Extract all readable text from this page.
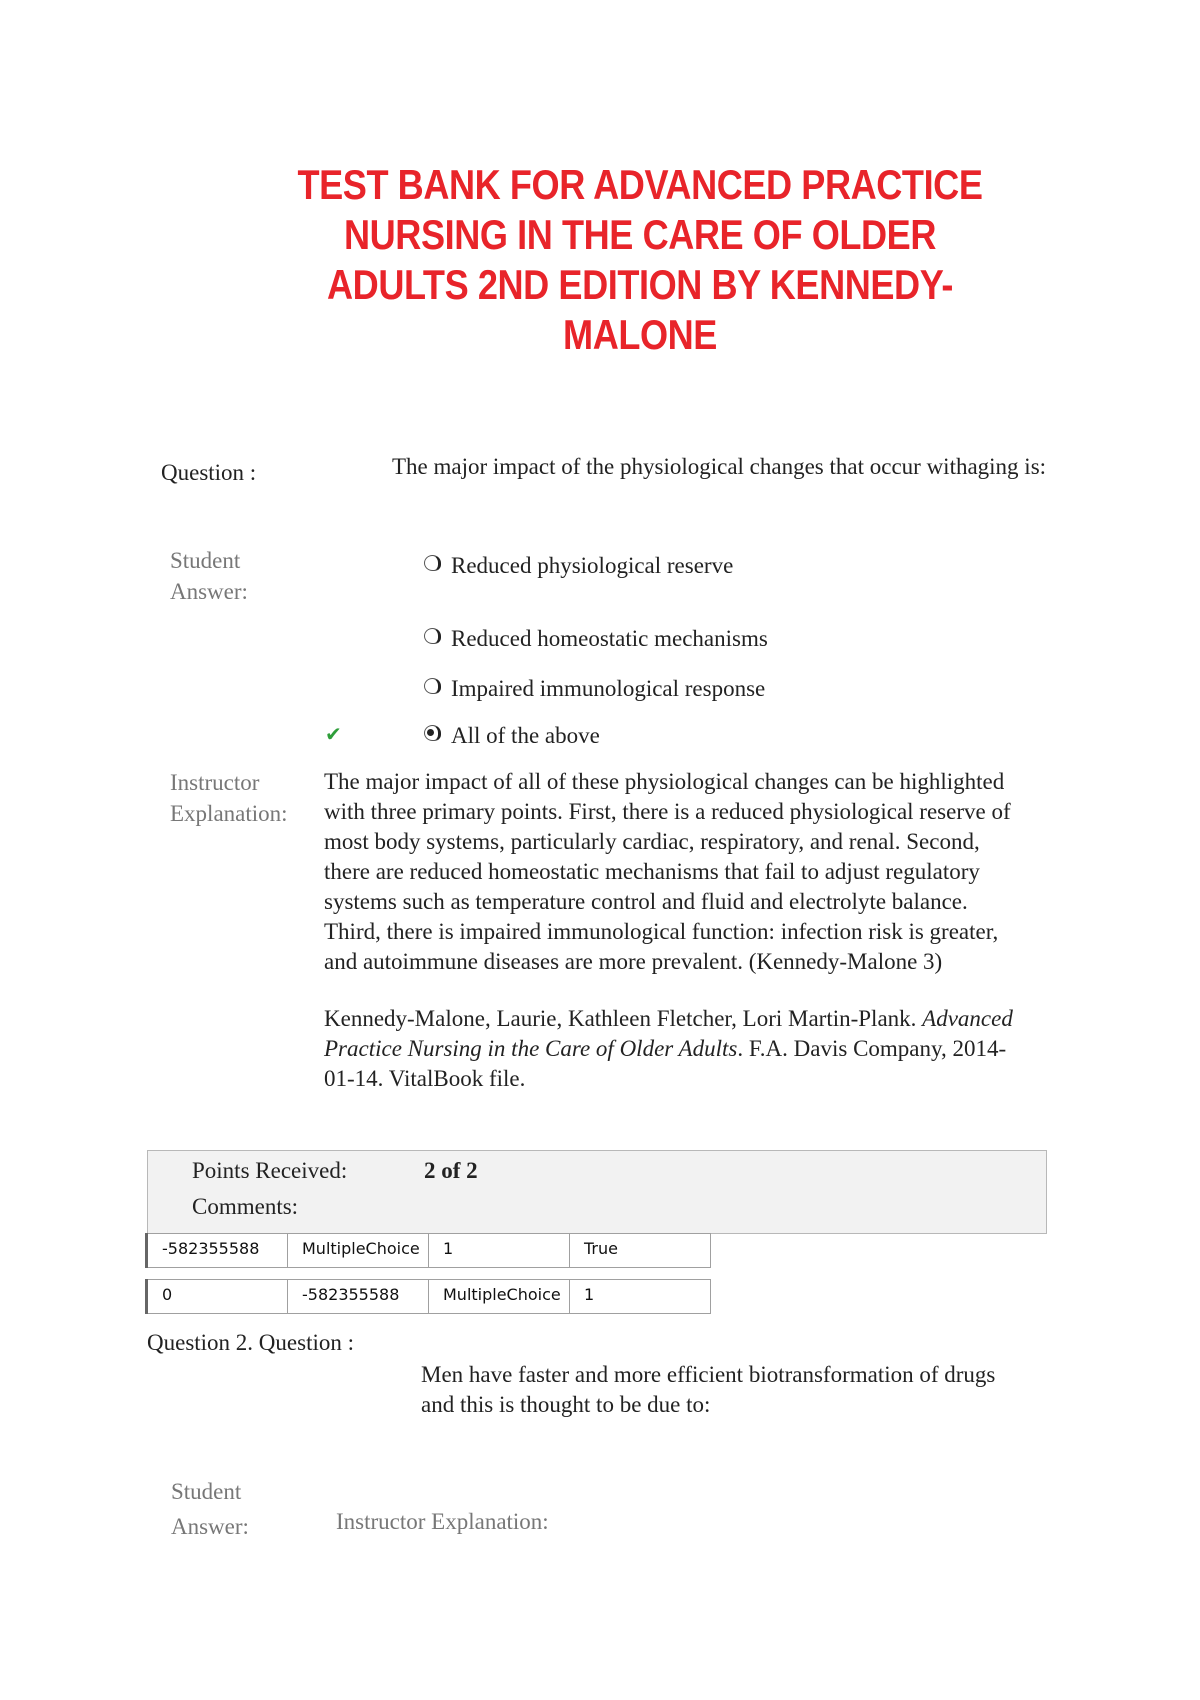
TEST BANK FOR ADVANCED PRACTICE
NURSING IN THE CARE OF OLDER
ADULTS 2ND EDITION BY KENNEDY-
MALONE
Question :	The major impact of the physiological changes that occur withaging is:
Student
Answer:
Reduced physiological reserve
Reduced homeostatic mechanisms
Impaired immunological response
✔	All of the above
Instructor
Explanation:
The major impact of all of these physiological changes can be highlighted
with three primary points. First, there is a reduced physiological reserve of
most body systems, particularly cardiac, respiratory, and renal. Second,
there are reduced homeostatic mechanisms that fail to adjust regulatory
systems such as temperature control and fluid and electrolyte balance.
Third, there is impaired immunological function: infection risk is greater,
and autoimmune diseases are more prevalent. (Kennedy-Malone 3)
Kennedy-Malone, Laurie, Kathleen Fletcher, Lori Martin-Plank. Advanced
Practice Nursing in the Care of Older Adults. F.A. Davis Company, 2014-
01-14. VitalBook file.
Points Received:	2 of 2
Comments:
-582355588	MultipleChoice	1	True
0	-582355588	MultipleChoice	1
Question 2. Question :
Men have faster and more efficient biotransformation of drugs
and this is thought to be due to:
Student
Answer:	Instructor Explanation:
